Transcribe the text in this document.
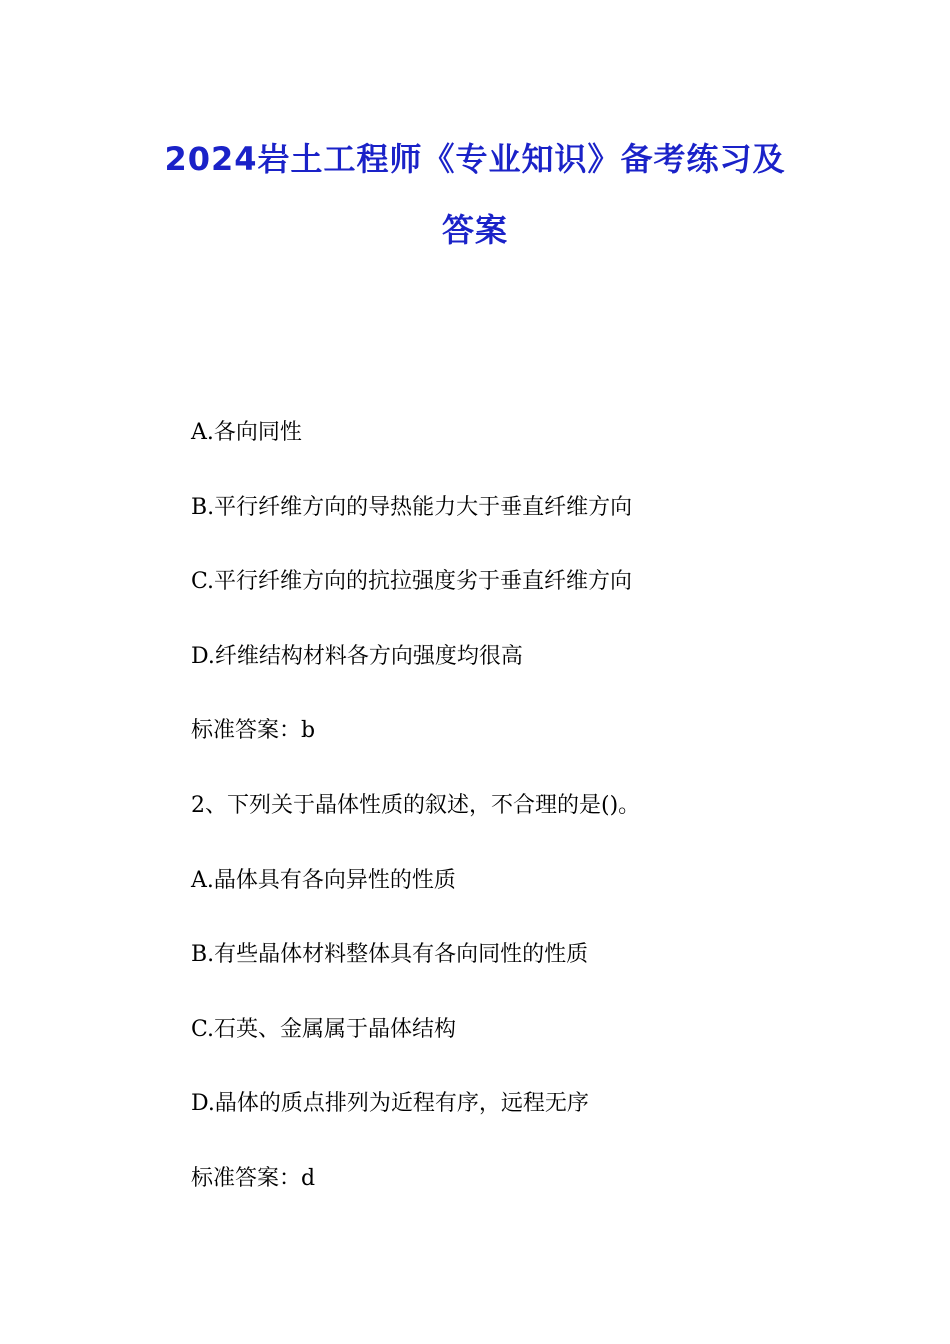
2024岩土工程师《专业知识》备考练习及
答案
A.各向同性
B.平行纤维方向的导热能力大于垂直纤维方向
C.平行纤维方向的抗拉强度劣于垂直纤维方向
D.纤维结构材料各方向强度均很高
标准答案：b
2、下列关于晶体性质的叙述，不合理的是()。
A.晶体具有各向异性的性质
B.有些晶体材料整体具有各向同性的性质
C.石英、金属属于晶体结构
D.晶体的质点排列为近程有序，远程无序
标准答案：d
